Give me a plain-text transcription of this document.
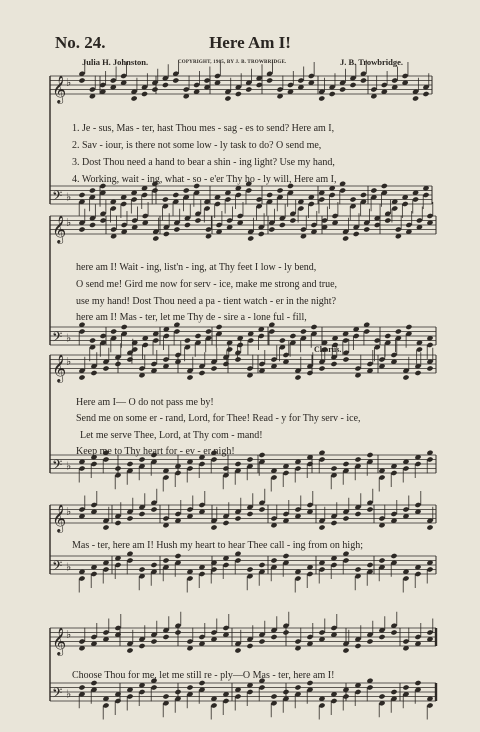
No. 24.	Here Am I!
Julia H. Johnston.	COPYRIGHT, 1905, BY J. B. TROWBRIDGE.	J. B. Trowbridge.
𝄞 ♭
𝄢 ♭
𝄞 ♭
𝄢 ♭
𝄞 ♭
𝄢 ♭
𝄞 ♭
𝄢 ♭
𝄞 ♭
𝄢 ♭
1. Je - sus, Mas - ter, hast Thou mes - sag - es to send? Here am I,
2. Sav - iour, is there not some low - ly task to do? O send me,
3. Dost Thou need a hand to bear a shin - ing light? Use my hand,
4. Working, wait - ing, what - so - e'er Thy ho - ly will, Here am I,
here am I! Wait - ing, list'n - ing, at Thy feet I low - ly bend,
O send me! Gird me now for serv - ice, make me strong and true,
use my hand! Dost Thou need a pa - tient watch - er in the night?
here am I! Mas - ter, let me Thy de - sire a - lone ful - fill,
Chorus.
Here am I— O do not pass me by!
Send me on some er - rand, Lord, for Thee! Read - y for Thy serv - ice,
Let me serve Thee, Lord, at Thy com - mand!
Keep me to Thy heart for - ev - er nigh!
Mas - ter, here am I! Hush my heart to hear Thee call - ing from on high;
Choose Thou for me, let me still re - ply—O Mas - ter, here am I!
